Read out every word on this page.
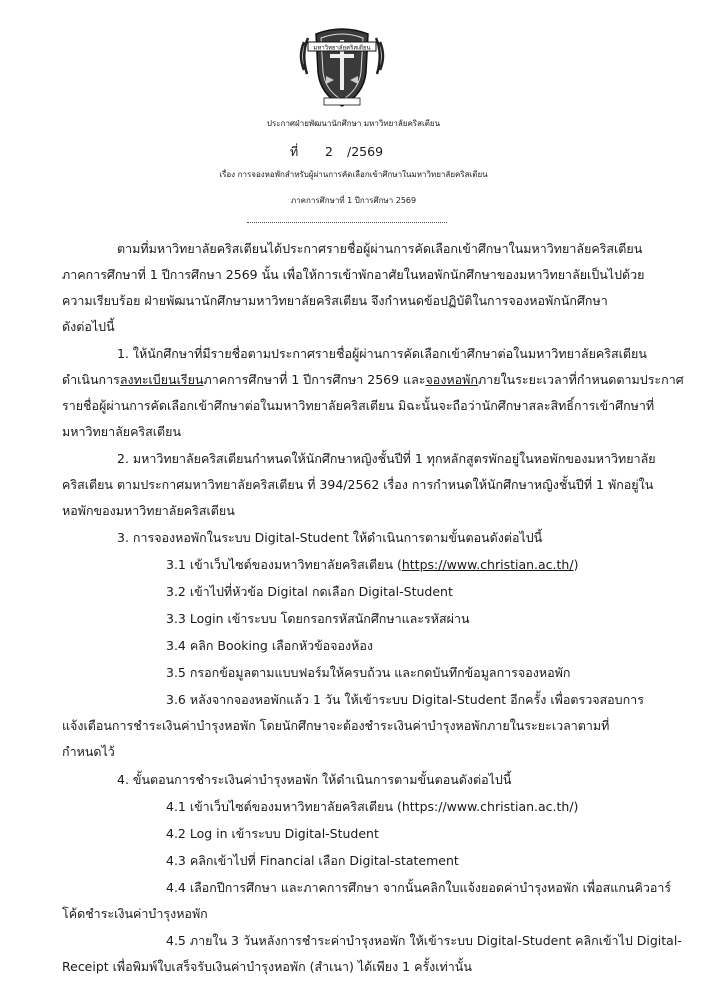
มหาวิทยาลัยคริสเตียน
ประกาศฝ่ายพัฒนานักศึกษา มหาวิทยาลัยคริสเตียน
ที่ 2 /2569
เรื่อง การจองหอพักสำหรับผู้ผ่านการคัดเลือกเข้าศึกษาในมหาวิทยาลัยคริสเตียน
ภาคการศึกษาที่ 1 ปีการศึกษา 2569
ตามที่มหาวิทยาลัยคริสเตียนได้ประกาศรายชื่อผู้ผ่านการคัดเลือกเข้าศึกษาในมหาวิทยาลัยคริสเตียน
ภาคการศึกษาที่ 1 ปีการศึกษา 2569 นั้น เพื่อให้การเข้าพักอาศัยในหอพักนักศึกษาของมหาวิทยาลัยเป็นไปด้วย
ความเรียบร้อย ฝ่ายพัฒนานักศึกษามหาวิทยาลัยคริสเตียน จึงกำหนดข้อปฏิบัติในการจองหอพักนักศึกษา
ดังต่อไปนี้
1. ให้นักศึกษาที่มีรายชื่อตามประกาศรายชื่อผู้ผ่านการคัดเลือกเข้าศึกษาต่อในมหาวิทยาลัยคริสเตียน
ดำเนินการลงทะเบียนเรียนภาคการศึกษาที่ 1 ปีการศึกษา 2569 และจองหอพักภายในระยะเวลาที่กำหนดตามประกาศ
รายชื่อผู้ผ่านการคัดเลือกเข้าศึกษาต่อในมหาวิทยาลัยคริสเตียน มิฉะนั้นจะถือว่านักศึกษาสละสิทธิ์การเข้าศึกษาที่
มหาวิทยาลัยคริสเตียน
2. มหาวิทยาลัยคริสเตียนกำหนดให้นักศึกษาหญิงชั้นปีที่ 1 ทุกหลักสูตรพักอยู่ในหอพักของมหาวิทยาลัย
คริสเตียน ตามประกาศมหาวิทยาลัยคริสเตียน ที่ 394/2562 เรื่อง การกำหนดให้นักศึกษาหญิงชั้นปีที่ 1 พักอยู่ใน
หอพักของมหาวิทยาลัยคริสเตียน
3. การจองหอพักในระบบ Digital-Student ให้ดำเนินการตามขั้นตอนดังต่อไปนี้
3.1 เข้าเว็บไซต์ของมหาวิทยาลัยคริสเตียน (https://www.christian.ac.th/)
3.2 เข้าไปที่หัวข้อ Digital กดเลือก Digital-Student
3.3 Login เข้าระบบ โดยกรอกรหัสนักศึกษาและรหัสผ่าน
3.4 คลิก Booking เลือกหัวข้อจองห้อง
3.5 กรอกข้อมูลตามแบบฟอร์มให้ครบถ้วน และกดบันทึกข้อมูลการจองหอพัก
3.6 หลังจากจองหอพักแล้ว 1 วัน ให้เข้าระบบ Digital-Student อีกครั้ง เพื่อตรวจสอบการ
แจ้งเตือนการชำระเงินค่าบำรุงหอพัก โดยนักศึกษาจะต้องชำระเงินค่าบำรุงหอพักภายในระยะเวลาตามที่
กำหนดไว้
4. ขั้นตอนการชำระเงินค่าบำรุงหอพัก ให้ดำเนินการตามขั้นตอนดังต่อไปนี้
4.1 เข้าเว็บไซต์ของมหาวิทยาลัยคริสเตียน (https://www.christian.ac.th/)
4.2 Log in เข้าระบบ Digital-Student
4.3 คลิกเข้าไปที่ Financial เลือก Digital-statement
4.4 เลือกปีการศึกษา และภาคการศึกษา จากนั้นคลิกใบแจ้งยอดค่าบำรุงหอพัก เพื่อสแกนคิวอาร์
โค้ดชำระเงินค่าบำรุงหอพัก
4.5 ภายใน 3 วันหลังการชำระค่าบำรุงหอพัก ให้เข้าระบบ Digital-Student คลิกเข้าไป Digital-
Receipt เพื่อพิมพ์ใบเสร็จรับเงินค่าบำรุงหอพัก (สำเนา) ได้เพียง 1 ครั้งเท่านั้น
